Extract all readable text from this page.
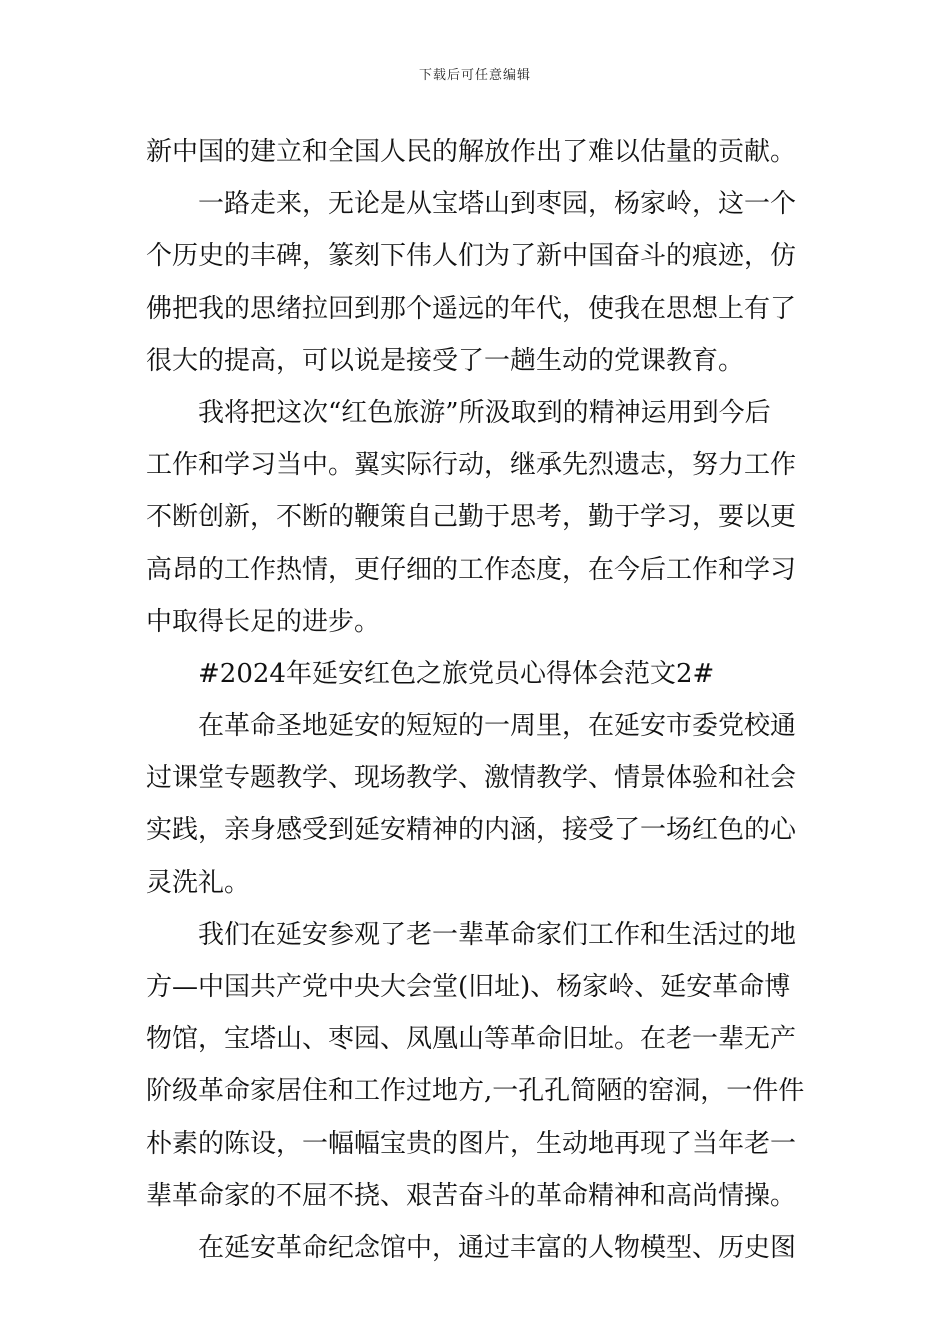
下载后可任意编辑
新中国的建立和全国人民的解放作出了难以估量的贡献。
一路走来，无论是从宝塔山到枣园，杨家岭，这一个
个历史的丰碑，篆刻下伟人们为了新中国奋斗的痕迹，仿
佛把我的思绪拉回到那个遥远的年代，使我在思想上有了
很大的提高，可以说是接受了一趟生动的党课教育。
我将把这次“红色旅游”所汲取到的精神运用到今后
工作和学习当中。翼实际行动，继承先烈遗志，努力工作
不断创新，不断的鞭策自己勤于思考，勤于学习，要以更
高昂的工作热情，更仔细的工作态度，在今后工作和学习
中取得长足的进步。
#2024年延安红色之旅党员心得体会范文2#
在革命圣地延安的短短的一周里，在延安市委党校通
过课堂专题教学、现场教学、激情教学、情景体验和社会
实践，亲身感受到延安精神的内涵，接受了一场红色的心
灵洗礼。
我们在延安参观了老一辈革命家们工作和生活过的地
方—中国共产党中央大会堂(旧址)、杨家岭、延安革命博
物馆，宝塔山、枣园、凤凰山等革命旧址。在老一辈无产
阶级革命家居住和工作过地方,一孔孔简陋的窑洞，一件件
朴素的陈设，一幅幅宝贵的图片，生动地再现了当年老一
辈革命家的不屈不挠、艰苦奋斗的革命精神和高尚情操。
在延安革命纪念馆中，通过丰富的人物模型、历史图
